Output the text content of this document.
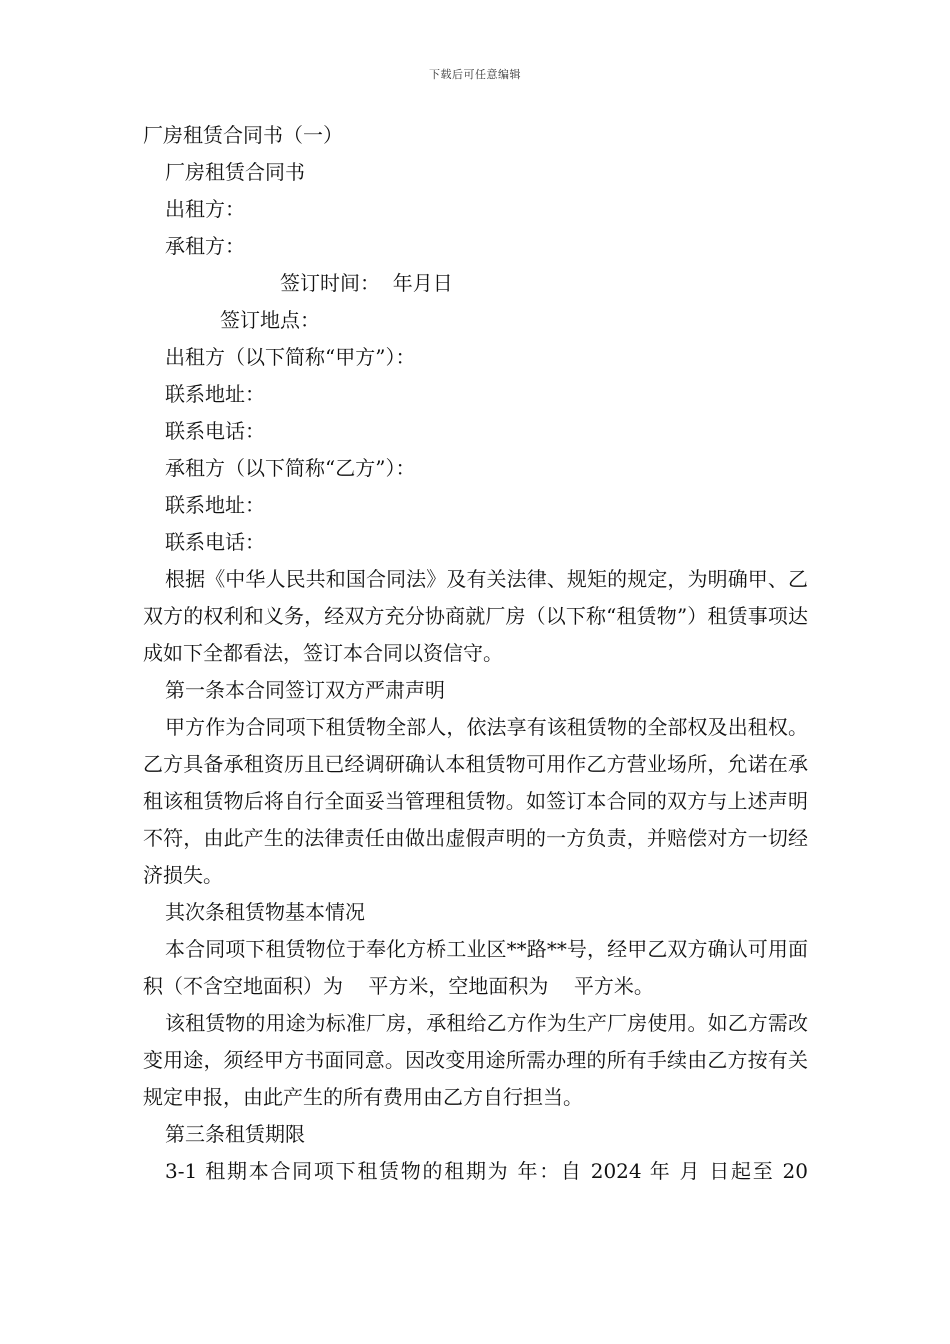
下载后可任意编辑
厂房租赁合同书（一）
厂房租赁合同书
出租方：
承租方：
签订时间：  年月日
签订地点：
出租方（以下简称“甲方”）：
联系地址：
联系电话：
承租方（以下简称“乙方”）：
联系地址：
联系电话：

根据《中华人民共和国合同法》及有关法律、规矩的规定，为明确甲、乙双方的权利和义务，经双方充分协商就厂房（以下称“租赁物”）租赁事项达成如下全都看法，签订本合同以资信守。

第一条本合同签订双方严肃声明

甲方作为合同项下租赁物全部人，依法享有该租赁物的全部权及出租权。乙方具备承租资历且已经调研确认本租赁物可用作乙方营业场所，允诺在承租该租赁物后将自行全面妥当管理租赁物。如签订本合同的双方与上述声明不符，由此产生的法律责任由做出虚假声明的一方负责，并赔偿对方一切经济损失。

其次条租赁物基本情况

本合同项下租赁物位于奉化方桥工业区**路**号，经甲乙双方确认可用面积（不含空地面积）为    平方米，空地面积为    平方米。

该租赁物的用途为标准厂房，承租给乙方作为生产厂房使用。如乙方需改变用途，须经甲方书面同意。因改变用途所需办理的所有手续由乙方按有关规定申报，由此产生的所有费用由乙方自行担当。

第三条租赁期限
3-1 租期本合同项下租赁物的租期为 年：自 2024 年 月 日起至 20
